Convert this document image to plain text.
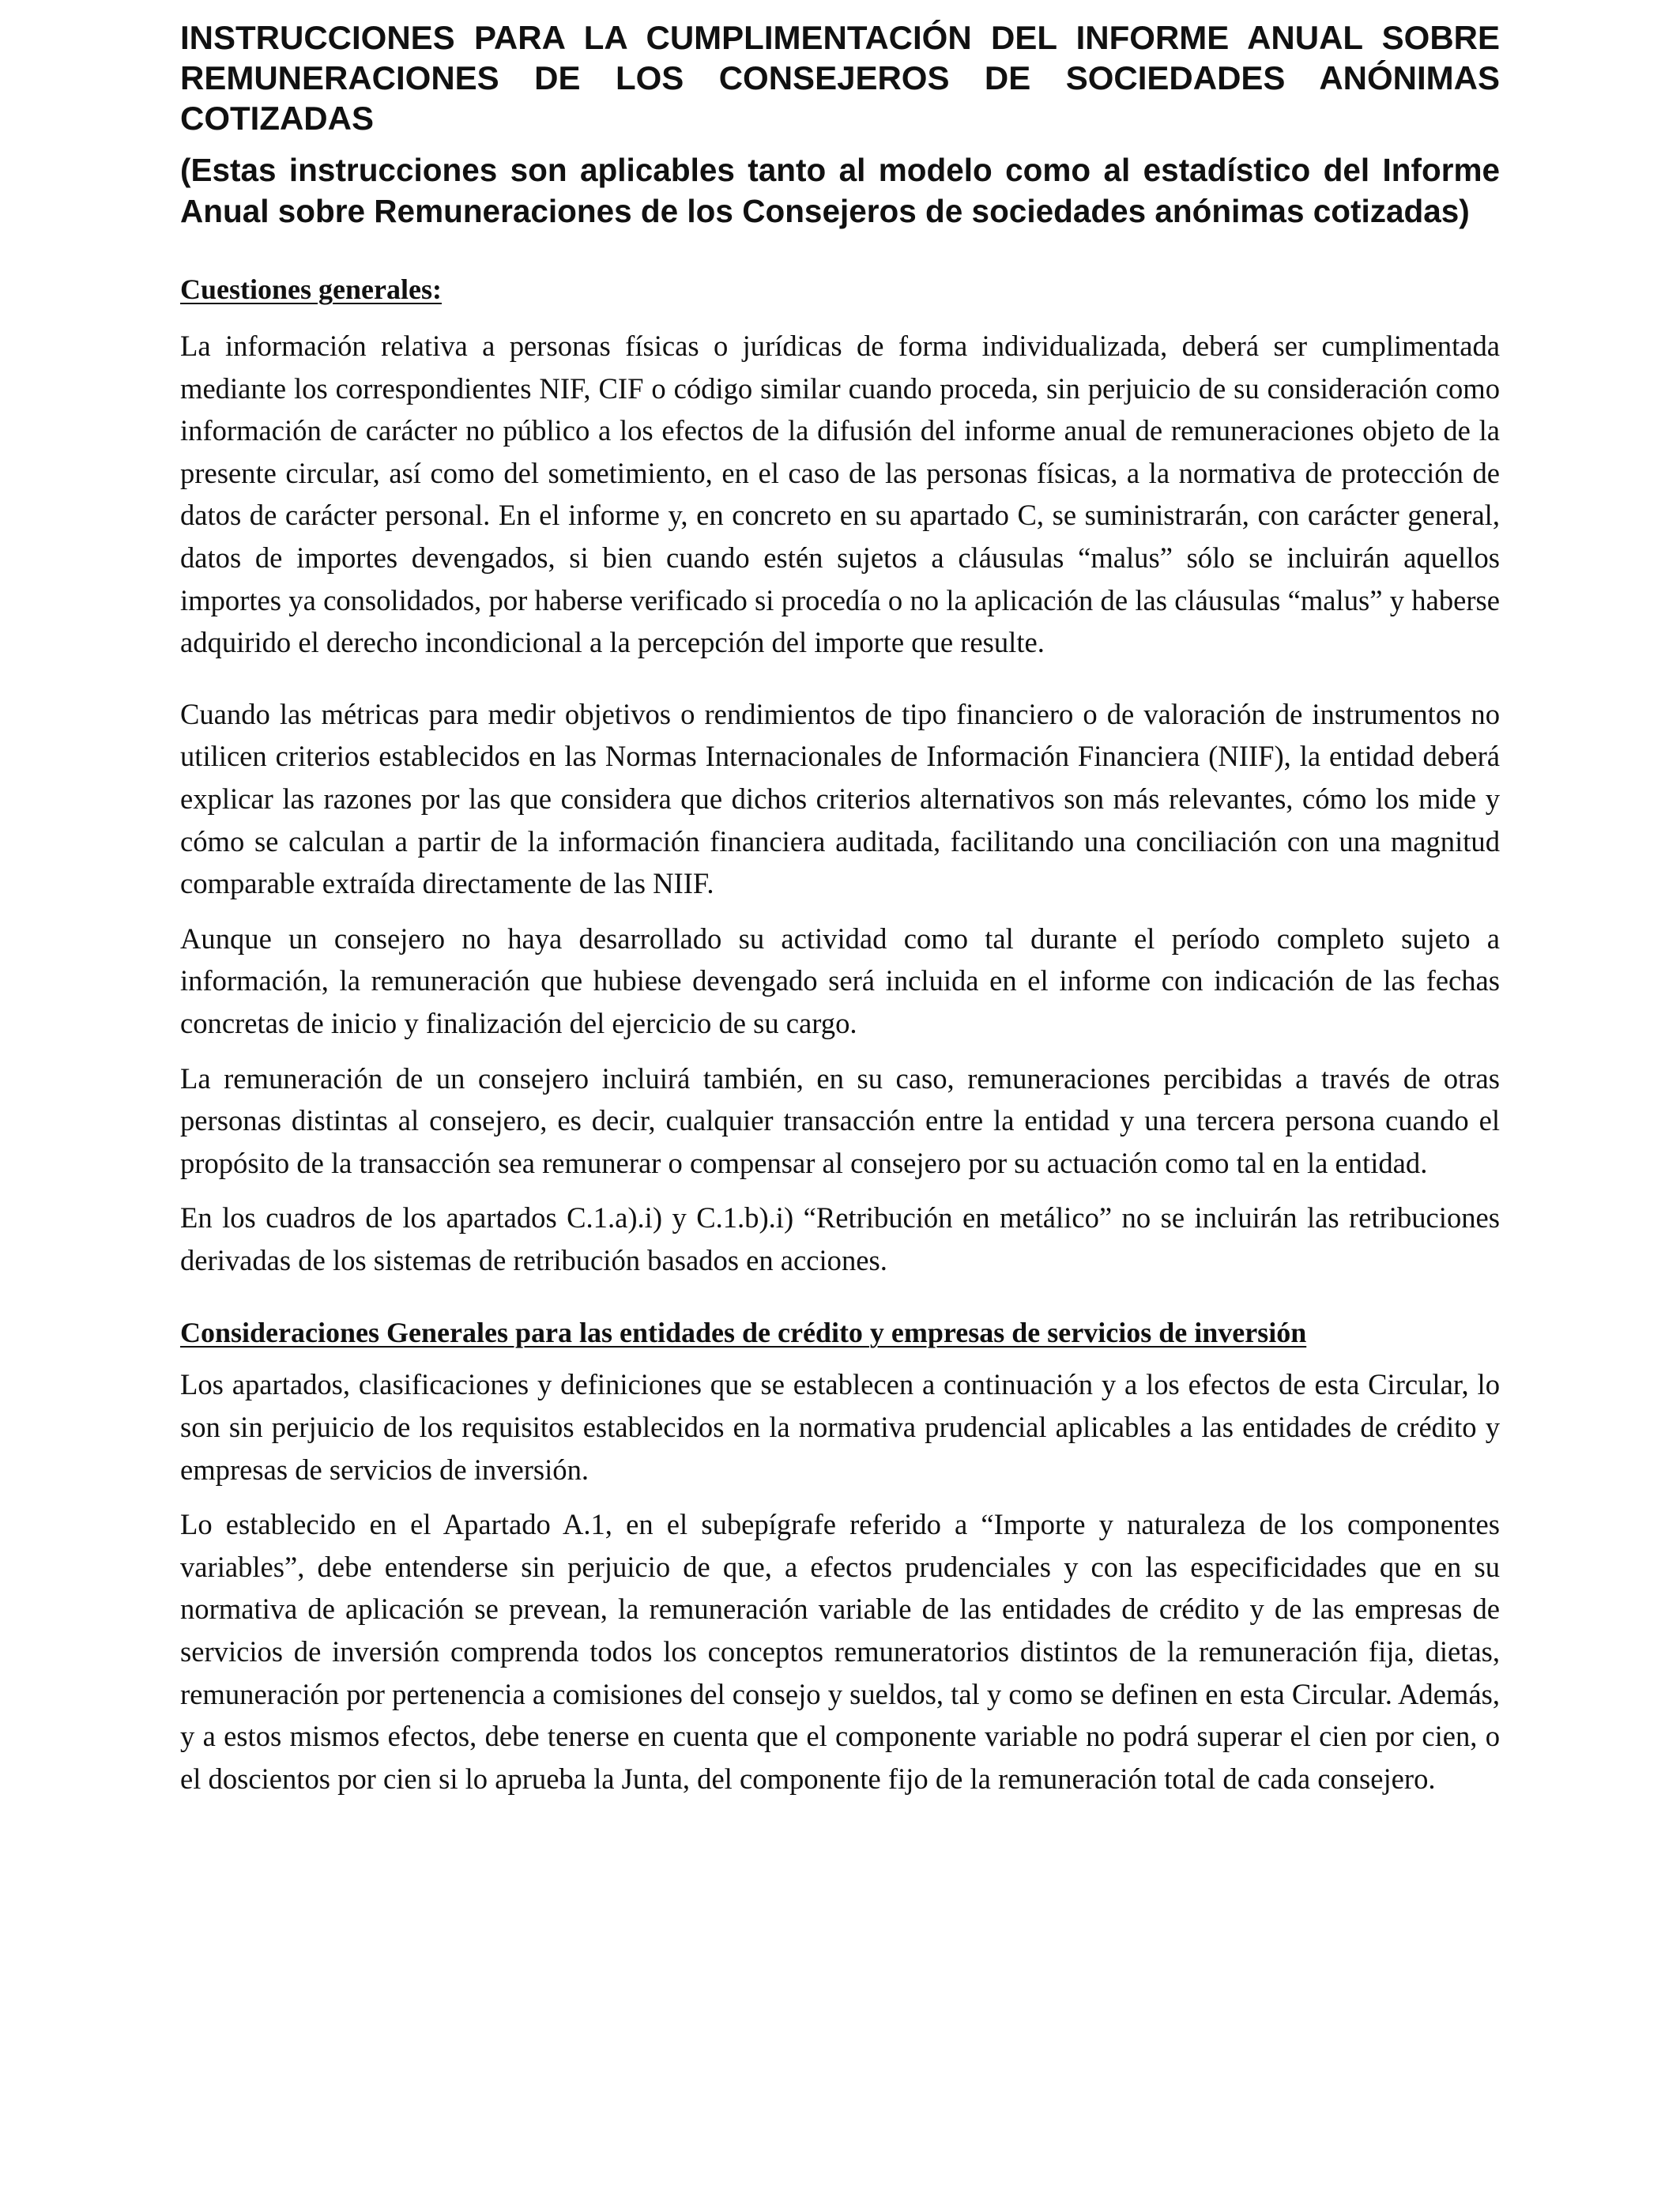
INSTRUCCIONES PARA LA CUMPLIMENTACIÓN DEL INFORME ANUAL SOBRE REMUNERACIONES DE LOS CONSEJEROS DE SOCIEDADES ANÓNIMAS COTIZADAS

(Estas instrucciones son aplicables tanto al modelo como al estadístico del Informe Anual sobre Remuneraciones de los Consejeros de sociedades anónimas cotizadas)

Cuestiones generales:

La información relativa a personas físicas o jurídicas de forma individualizada, deberá ser cumplimentada mediante los correspondientes NIF, CIF o código similar cuando proceda, sin perjuicio de su consideración como información de carácter no público a los efectos de la difusión del informe anual de remuneraciones objeto de la presente circular, así como del sometimiento, en el caso de las personas físicas, a la normativa de protección de datos de carácter personal. En el informe y, en concreto en su apartado C, se suministrarán, con carácter general, datos de importes devengados, si bien cuando estén sujetos a cláusulas “malus” sólo se incluirán aquellos importes ya consolidados, por haberse verificado si procedía o no la aplicación de las cláusulas “malus” y haberse adquirido el derecho incondicional a la percepción del importe que resulte.

Cuando las métricas para medir objetivos o rendimientos de tipo financiero o de valoración de instrumentos no utilicen criterios establecidos en las Normas Internacionales de Información Financiera (NIIF), la entidad deberá explicar las razones por las que considera que dichos criterios alternativos son más relevantes, cómo los mide y cómo se calculan a partir de la información financiera auditada, facilitando una conciliación con una magnitud comparable extraída directamente de las NIIF.

Aunque un consejero no haya desarrollado su actividad como tal durante el período completo sujeto a información, la remuneración que hubiese devengado será incluida en el informe con indicación de las fechas concretas de inicio y finalización del ejercicio de su cargo.

La remuneración de un consejero incluirá también, en su caso, remuneraciones percibidas a través de otras personas distintas al consejero, es decir, cualquier transacción entre la entidad y una tercera persona cuando el propósito de la transacción sea remunerar o compensar al consejero por su actuación como tal en la entidad.

En los cuadros de los apartados C.1.a).i) y C.1.b).i) “Retribución en metálico” no se incluirán las retribuciones derivadas de los sistemas de retribución basados en acciones.

Consideraciones Generales para las entidades de crédito y empresas de servicios de inversión

Los apartados, clasificaciones y definiciones que se establecen a continuación y a los efectos de esta Circular, lo son sin perjuicio de los requisitos establecidos en la normativa prudencial aplicables a las entidades de crédito y empresas de servicios de inversión.

Lo establecido en el Apartado A.1, en el subepígrafe referido a “Importe y naturaleza de los componentes variables”, debe entenderse sin perjuicio de que, a efectos prudenciales y con las especificidades que en su normativa de aplicación se prevean, la remuneración variable de las entidades de crédito y de las empresas de servicios de inversión comprenda todos los conceptos remuneratorios distintos de la remuneración fija, dietas, remuneración por pertenencia a comisiones del consejo y sueldos, tal y como se definen en esta Circular. Además, y a estos mismos efectos, debe tenerse en cuenta que el componente variable no podrá superar el cien por cien, o el doscientos por cien si lo aprueba la Junta, del componente fijo de la remuneración total de cada consejero.
